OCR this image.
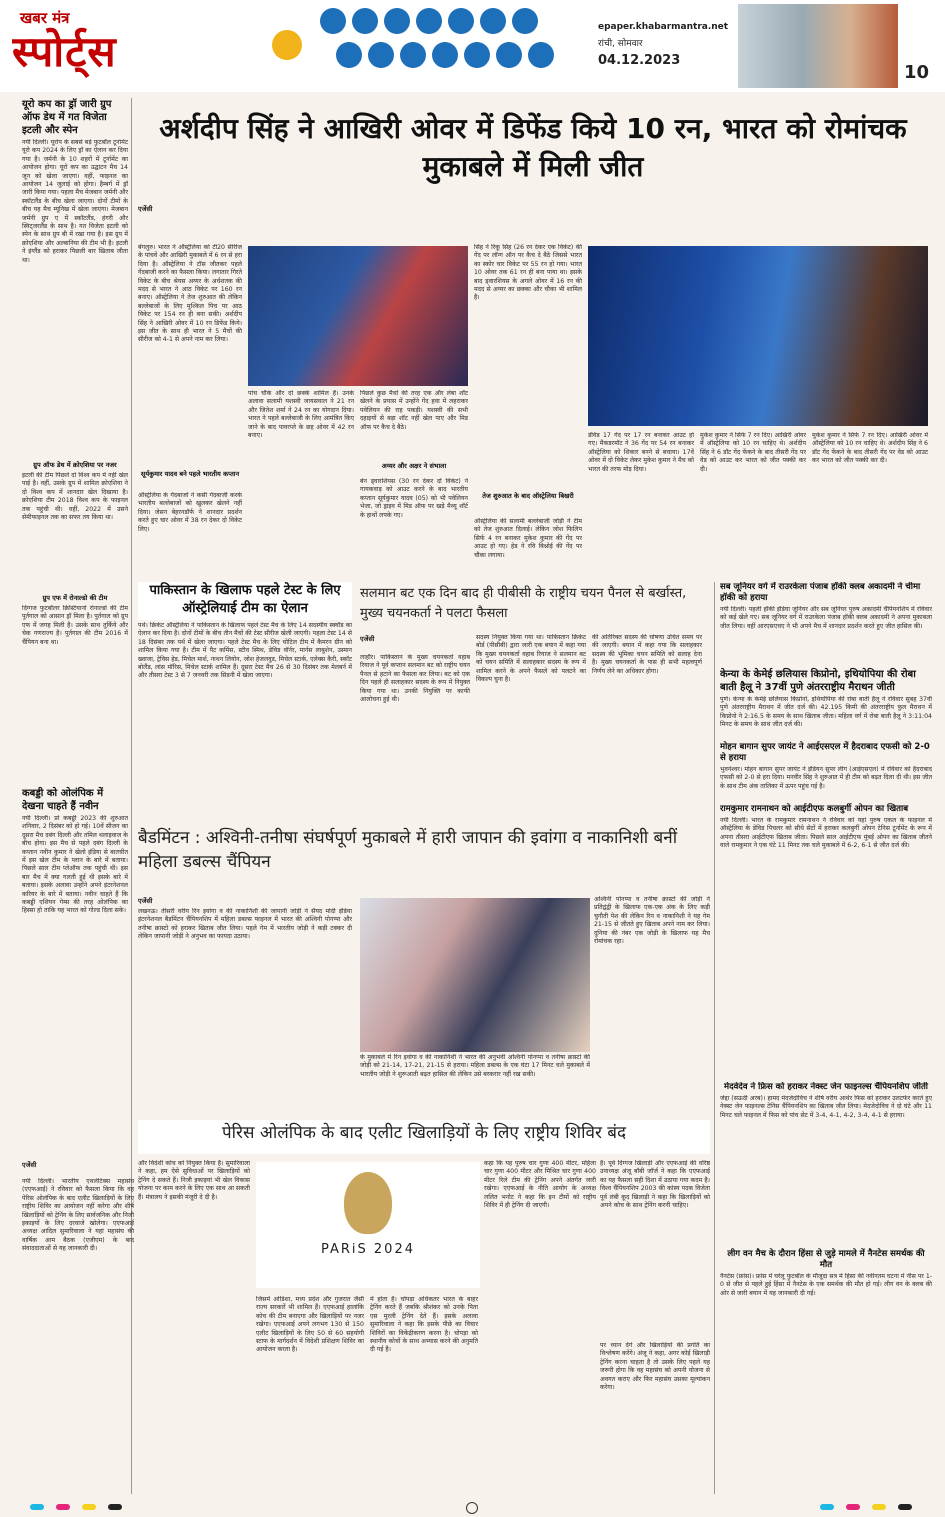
खबर मंत्र
स्पोर्ट्स	epaper.khabarmantra.net
रांची, सोमवार
04.12.2023
10
यूरो कप का ड्रॉ जारी ग्रुप ऑफ डेथ में गत विजेता इटली और स्पेन
नयी दिल्ली। यूरोप के सबसे बड़े फुटबॉल टूर्नामेंट यूरो कप 2024 के लिए ड्रॉ का ऐलान कर दिया गया है। जर्मनी के 10 शहरों में टूर्नामेंट का आयोजन होगा। यूरो कप का उद्घाटन मैच 14 जून को खेला जाएगा। वहीं, फाइनल का आयोजन 14 जुलाई को होगा। हैम्बर्ग में ड्रॉ जारी किया गया। पहला मैच मेजबान जर्मनी और स्कॉटलैंड के बीच खेला जाएगा। दोनों टीमों के बीच यह मैच म्यूनिख में खेला जाएगा। मेजबान जर्मनी ग्रुप ए में स्कॉटलैंड, हंगरी और स्विट्जरलैंड के साथ है। गत विजेता इटली को स्पेन के साथ ग्रुप बी में रखा गया है। इस ग्रुप में क्रोएशिया और अल्बानिया की टीम भी है। इटली ने इंग्लैंड को हराकर पिछली बार खिताब जीता था।
ग्रुप ऑफ डेथ में क्रोएशिया पर नजर
इटली की टीम पिछले दो विश्व कप में नहीं खेल पाई है। वहीं, उसके ग्रुप में शामिल क्रोएशिया ने दो विश्व कप में शानदार खेल दिखाया है। क्रोएशिया टीम 2018 विश्व कप के फाइनल तक पहुंची थी। वहीं, 2022 में उसने सेमीफाइनल तक का सफर तय किया था।
ग्रुप एफ में रोनाल्डो की टीम
दिग्गज फुटबॉलर क्रिस्टियानो रोनाल्डो की टीम पुर्तगाल को आसान ड्रॉ मिला है। पुर्तगाल को ग्रुप एफ में जगह मिली है। उसके साथ तुर्किये और चेक गणराज्य है। पुर्तगाल की टीम 2016 में चैंपियन बना था।
कबड्डी को ओलंपिक में देखना चाहते हैं नवीन
नयी दिल्ली। प्रो कबड्डी 2023 की शुरुआत शनिवार, 2 दिसंबर को हो गई। 10वें सीजन का दूसरा मैच दबंग दिल्ली और तमिल थलाइवाज के बीच होगा। इस मैच से पहले दबंग दिल्ली के कप्तान नवीन कुमार ने खेलो इंडिया से बातचीत में इस खेल टीम के प्लान के बारे में बताया। पिछले साल टीम प्लेऑफ तक पहुंची थी। इस बार मैच में क्या गलती हुई थी इसके बारे में बताया। इसके अलावा उन्होंने अपने इंटरनेशनल करियर के बारे में बताया। नवीन चाहते हैं कि कबड्डी एशियन गेम्स की तरह ओलंपिक का हिस्सा हो ताकि यह भारत को गोल्ड दिला सके।
अर्शदीप सिंह ने आखिरी ओवर में डिफेंड किये 10 रन, भारत को रोमांचक मुकाबले में मिली जीत
एजेंसी
बेंगलुरु। भारत ने ऑस्ट्रेलिया को टी20 सीरीज के पांचवें और आखिरी मुकाबले में 6 रन से हरा दिया है। ऑस्ट्रेलिया ने टॉस जीतकर पहले गेंदबाजी करने का फैसला किया। लगातार गिरते विकेट के बीच श्रेयस अय्यर के अर्धशतक की मदद से भारत ने आठ विकेट पर 160 रन बनाए। ऑस्ट्रेलिया ने तेज शुरुआत की लेकिन बल्लेबाजों के लिए मुश्किल पिच पर आठ विकेट पर 154 रन ही बना सकी। अर्शदीप सिंह ने आखिरी ओवर में 10 रन डिफेंड किये। इस जीत के साथ ही भारत ने 5 मैचों की सीरीज को 4-1 से अपने नाम कर लिया।
सूर्यकुमार यादव बने पहले भारतीय कप्तान
ऑस्ट्रेलिया के गेंदबाजों ने कसी गेंदबाजी करके भारतीय बल्लेबाजों को खुलकर खेलने नहीं दिया। जेसन बेहरनडॉर्फ ने शानदार प्रदर्शन करते हुए चार ओवर में 38 रन देकर दो विकेट लिए।
पांच चौके और दो छक्के शामिल हैं। उनके अलावा सलामी यशस्वी जायसवाल ने 21 रन और जितेश शर्मा ने 24 रन का योगदान दिया। भारत ने पहले बल्लेबाजी के लिए आमंत्रित किए जाने के बाद पावरप्ले के छह ओवर में 42 रन बनाए।
पिछले कुछ मैचों की तरह एक और लंबा शॉट खेलने के प्रयास में उन्होंने गेंद हवा में लहराकर पवेलियन की राह पकड़ी। यशस्वी की सभी दहाइयों से बड़ा शॉट नहीं खेल पाए और मिड ऑफ पर कैच दे बैठे।
अय्यर और अक्षर ने संभाला
बेन ड्वारशियस (30 रन देकर दो विकेट) ने गायकवाड़ को आउट करने के बाद भारतीय कप्तान सूर्यकुमार यादव (05) को भी पवेलियन भेजा, जो ड्राइव में मिड ऑफ पर खड़े मैथ्यू शॉर्ट के हाथों लपके गए।
सिंह ने रिंकू सिंह (26 रन देकर एक विकेट) की गेंद पर लॉन्ग ऑन पर कैच दे बैठे जिससे भारत का स्कोर चार विकेट पर 55 रन हो गया। भारत 10 ओवर तक 61 रन ही बना पाया था। इसके बाद ड्वारशियस के अगले ओवर में 16 रन की मदद से अय्यर का छक्का और चौका भी शामिल है।
तेज शुरुआत के बाद ऑस्ट्रेलिया बिखरी
ऑस्ट्रेलिया की सलामी बल्लेबाजी जोड़ी ने टीम को तेज शुरुआत दिलाई। लेकिन जोश फिलिप सिर्फ 4 रन बनाकर मुकेश कुमार की गेंद पर आउट हो गए। हेड ने रवि बिश्नोई की गेंद पर चौका लगाया।
डेविड 17 गेंद पर 17 रन बनाकर आउट हो गए। मैकडरमॉट ने 36 गेंद पर 54 रन बनाकर ऑस्ट्रेलिया को शिकार बनने से बचाया। 17वें ओवर में दो विकेट लेकर मुकेश कुमार ने मैच को भारत की तरफ मोड़ दिया।
मुकेश कुमार ने सिर्फ 7 रन दिए। आखिरी ओवर में ऑस्ट्रेलिया को 10 रन चाहिए थे। अर्शदीप सिंह ने 6 डॉट गेंद फेंकने के बाद तीसरी गेंद पर वेड को आउट कर भारत को जीत पक्की कर दी।
मुकेश कुमार ने सिर्फ 7 रन दिए। आखिरी ओवर में ऑस्ट्रेलिया को 10 रन चाहिए थे। अर्शदीप सिंह ने 6 डॉट गेंद फेंकने के बाद तीसरी गेंद पर वेड को आउट कर भारत को जीत पक्की कर दी।
पाकिस्तान के खिलाफ पहले टेस्ट के लिए ऑस्ट्रेलियाई टीम का ऐलान
पर्थ। क्रिकेट ऑस्ट्रेलिया ने पाकिस्तान के खिलाफ पहले टेस्ट मैच के लिए 14 सदस्यीय स्क्वॉड का ऐलान कर दिया है। दोनों टीमों के बीच तीन मैचों की टेस्ट सीरीज खेली जाएगी। पहला टेस्ट 14 से 18 दिसंबर तक पर्थ में खेला जाएगा। पहले टेस्ट मैच के लिए चोटिल टीम में कैमरन ग्रीन को शामिल किया गया है। टीम में पैट कमिंस, स्टीव स्मिथ, डेविड वॉर्नर, मार्नस लाबुशेन, उस्मान ख्वाजा, ट्रेविस हेड, मिचेल मार्श, नाथन लियोन, जोश हेजलवुड, मिचेल स्टार्क, एलेक्स कैरी, स्कॉट बोलैंड, लांस मॉरिस, मिचेल स्टार्क शामिल हैं। दूसरा टेस्ट मैच 26 से 30 दिसंबर तक मेलबर्न में और तीसरा टेस्ट 3 से 7 जनवरी तक सिडनी में खेला जाएगा।
सलमान बट एक दिन बाद ही पीबीसी के राष्ट्रीय चयन पैनल से बर्खास्त, मुख्य चयनकर्ता ने पलटा फैसला
एजेंसी
लाहौर। पाकिस्तान के मुख्य चयनकर्ता वहाब रियाज ने पूर्व कप्तान सलमान बट को राष्ट्रीय चयन पैनल से हटाने का फैसला कर लिया। बट को एक दिन पहले ही सलाहकार सदस्य के रूप में नियुक्त किया गया था। उनकी नियुक्ति पर काफी आलोचना हुई थी।
सदस्य नियुक्त किया गया था। पाकिस्तान क्रिकेट बोर्ड (पीसीबी) द्वारा जारी एक बयान में कहा गया कि मुख्य चयनकर्ता वहाब रियाज ने सलमान बट को चयन समिति में सलाहकार सदस्य के रूप में शामिल करने के अपने फैसले को पलटने का विकल्प चुना है।
की अतिरिक्त सदस्य की घोषणा उचित समय पर की जाएगी। बयान में कहा गया कि सलाहकार सदस्य की भूमिका चयन समिति को सलाह देना है। मुख्य चयनकर्ता के पास ही सभी महत्वपूर्ण निर्णय लेने का अधिकार होगा।
सब जूनियर वर्ग में राउरकेला पंजाब हॉकी क्लब अकादमी ने चीमा हॉकी को हराया
नयी दिल्ली। पहली हॉकी इंडिया जूनियर और सब जूनियर पुरुष अकादमी चैंपियनशिप में रविवार को कई खेले गए। सब जूनियर वर्ग में राउरकेला पंजाब हॉकी क्लब अकादमी ने अपना मुकाबला जीत लिया। वहीं आरएसएचए ने भी अपने मैच में शानदार प्रदर्शन करते हुए जीत हासिल की।
केन्या के केमेई छलियास किप्रोनो, इथियोपिया की रोबा बाती हैलू ने 37वीं पुणे अंतरराष्ट्रीय मैराथन जीती
पुणे। केन्या के केमेई छलियास किप्रोनो, इथियोपिया की रोबा बाती हैलू ने रविवार सुबह 37वीं पुणे अंतरराष्ट्रीय मैराथन में जीत दर्ज की। 42.195 किमी की अंतरराष्ट्रीय फुल मैराथन में किप्रोनो ने 2:16.5 के समय के साथ खिताब जीता। महिला वर्ग में रोबा बाती हैलू ने 3:11:04 मिनट के समय के साथ जीत दर्ज की।
मोहन बागान सुपर जायंट ने आईएसएल में हैदराबाद एफसी को 2-0 से हराया
भुवनेश्वर। मोहन बागान सुपर जायंट ने इंडियन सुपर लीग (आईएसएल) में रविवार को हैदराबाद एफसी को 2-0 से हरा दिया। मनवीर सिंह ने शुरुआत में ही टीम को बढ़त दिला दी थी। इस जीत के साथ टीम अंक तालिका में ऊपर पहुंच गई है।
रामकुमार रामनाथन को आईटीएफ कलबुर्गी ओपन का खिताब
नयी दिल्ली। भारत के रामकुमार रामनाथन ने रविवार को यहां पुरुष एकल के फाइनल में ऑस्ट्रेलिया के डेविड पिचलर को सीधे सेटों में हराकर कलबुर्गी ओपन टेनिस टूर्नामेंट के रूप में अपना तीसरा आईटीएफ खिताब जीता। पिछले साल आईटीएफ मुंबई ओपन का खिताब जीतने वाले रामकुमार ने एक घंटे 11 मिनट तक चले मुकाबले में 6-2, 6-1 से जीत दर्ज की।
मेदवेदेव ने फ्रिस को हराकर नेक्स्ट जेन फाइनल्स चैंपियनशिप जीती
जेद्दा (सऊदी अरब)। हामद मेदजेदोविच ने शीर्ष वरीय आर्थर फिस को हराकर उलटफेर करते हुए नेक्स्ट जेन फाइनल्स टेनिस चैंपियनशिप का खिताब जीत लिया। मेदजेदोविच ने दो घंटे और 11 मिनट चले फाइनल में फिस को पांच सेट में 3-4, 4-1, 4-2, 3-4, 4-1 से हराया।
लीग वन मैच के दौरान हिंसा से जुड़े मामले में नैनटेस समर्थक की मौत
नैनटेस (फ्रांस)। फ्रांस में घरेलू फुटबॉल के मौजूदा सत्र में हिंसा की नवीनतम घटना में नीस पर 1-0 से जीत से पहले हुई हिंसा में नैनटेस के एक समर्थक की मौत हो गई। लीग वन के क्लब की ओर से जारी बयान में यह जानकारी दी गई।
बैडमिंटन : अश्विनी-तनीषा संघर्षपूर्ण मुकाबले में हारी जापान की इवांगा व नाकानिशी बनीं महिला डबल्स चैंपियन
एजेंसी
लखनऊ। तीसरी वरीय रिन इवांगा व की नाकानिशी की जापानी जोड़ी ने सैयद मोदी इंडिया इंटरनेशनल बैडमिंटन चैंपियनशिप में महिला डबल्स फाइनल में भारत की अश्विनी पोनप्पा और तनीषा क्रास्टो को हराकर खिताब जीत लिया। पहले गेम में भारतीय जोड़ी ने कड़ी टक्कर दी लेकिन जापानी जोड़ी ने अनुभव का फायदा उठाया।
के मुकाबले में रिन इवांगा व की नाकानिशी ने भारत की अनुभवी अश्विनी पोनप्पा व तनीषा क्रास्टो की जोड़ी को 21-14, 17-21, 21-15 से हराया। महिला डबल्स के एक घंटा 17 मिनट चले मुकाबले में भारतीय जोड़ी ने शुरूआती बढ़त हासिल की लेकिन उसे बरकरार नहीं रख सकी।
अश्विनी पोनप्पा व तनीषा क्रास्टो की जोड़ी ने प्रतिद्वंद्वी के खिलाफ एक-एक अंक के लिए कड़ी चुनौती पेश की लेकिन रिन व नाकानिशी ने यह गेम 21-15 से जीतते हुए खिताब अपने नाम कर लिया। दुनिया की नंबर एक जोड़ी के खिलाफ यह मैच रोमांचक रहा।
पेरिस ओलंपिक के बाद एलीट खिलाड़ियों के लिए राष्ट्रीय शिविर बंद
एजेंसी
नयी दिल्ली। भारतीय एथलेटिक्स महासंघ (एएफआई) ने रविवार को फैसला किया कि वह पेरिस ओलंपिक के बाद एलीट खिलाड़ियों के लिए राष्ट्रीय शिविर का आयोजन नहीं करेगा और शीर्ष खिलाड़ियों को ट्रेनिंग के लिए सार्वजनिक और निजी इकाइयों के लिए दरवाजे खोलेगा। एएफआई अध्यक्ष आदिल सुमारिवाला ने यहां महासंघ की वार्षिक आम बैठक (एजीएम) के बाद संवाददाताओं से यह जानकारी दी।
और विदेशी कोच को नियुक्त किया है। सुमारिवाला ने कहा, हम ऐसे सुविधाओं पर खिलाड़ियों को ट्रेनिंग दे सकते हैं। निजी इकाइयां भी खेल विकास योजना पर काम करने के लिए एक साथ आ सकती हैं। मंत्रालय ने इसकी मंजूरी दे दी है।
PARiS 2024
जिसमें ओडिशा, मध्य प्रदेश और गुजरात जैसी राज्य सरकारें भी शामिल हैं। एएफआई हालांकि कोच की टीम बनाएगा और खिलाड़ियों पर नजर रखेगा। एएफआई अपने लगभग 130 से 150 एलीट खिलाड़ियों के लिए 50 से 60 सहयोगी स्टाफ के मार्गदर्शन में विदेशी प्रशिक्षण शिविर का आयोजन करता है।
में होता है। चोपड़ा अधिकतर भारत के बाहर ट्रेनिंग करते हैं जबकि श्रीशंकर को उनके पिता एस मुरली ट्रेनिंग देते हैं। इसके अलावा सुमारिवाला ने कहा कि इसके पीछे का विचार शिविरों का विकेंद्रीकरण करना है। चोपड़ा को स्थानीय कोचों के साथ अभ्यास करने की अनुमति दी गई है।
कहा कि यह पुरुष चार गुणा 400 मीटर, महिला चार गुणा 400 मीटर और मिश्रित चार गुणा 400 मीटर रिले टीम की ट्रेनिंग अपने अंतर्गत जारी रखेगा। एएफआई के नीति आयोग के अध्यक्ष ललित भनोट ने कहा कि इन टीमों को राष्ट्रीय शिविर में ही ट्रेनिंग दी जाएगी।
है। पूर्व दिग्गज खिलाड़ी और एएफआई की वरिष्ठ उपाध्यक्ष अंजू बॉबी जॉर्ज ने कहा कि एएफआई का यह फैसला सही दिशा में उठाया गया कदम है। विश्व चैंपियनशिप 2003 की कांस्य पदक विजेता पूर्व लंबी कूद खिलाड़ी ने कहा कि खिलाड़ियों को अपने कोच के साथ ट्रेनिंग करनी चाहिए।
पर ध्यान देंगे और खिलाड़ियों की प्रगति का विश्लेषण करेंगे। अंजू ने कहा, अगर कोई खिलाड़ी ट्रेनिंग करना चाहता है तो उसके लिए पहले यह जरूरी होगा कि वह महासंघ को अपनी योजना से अवगत कराए और फिर महासंघ उसका मूल्यांकन करेगा।
